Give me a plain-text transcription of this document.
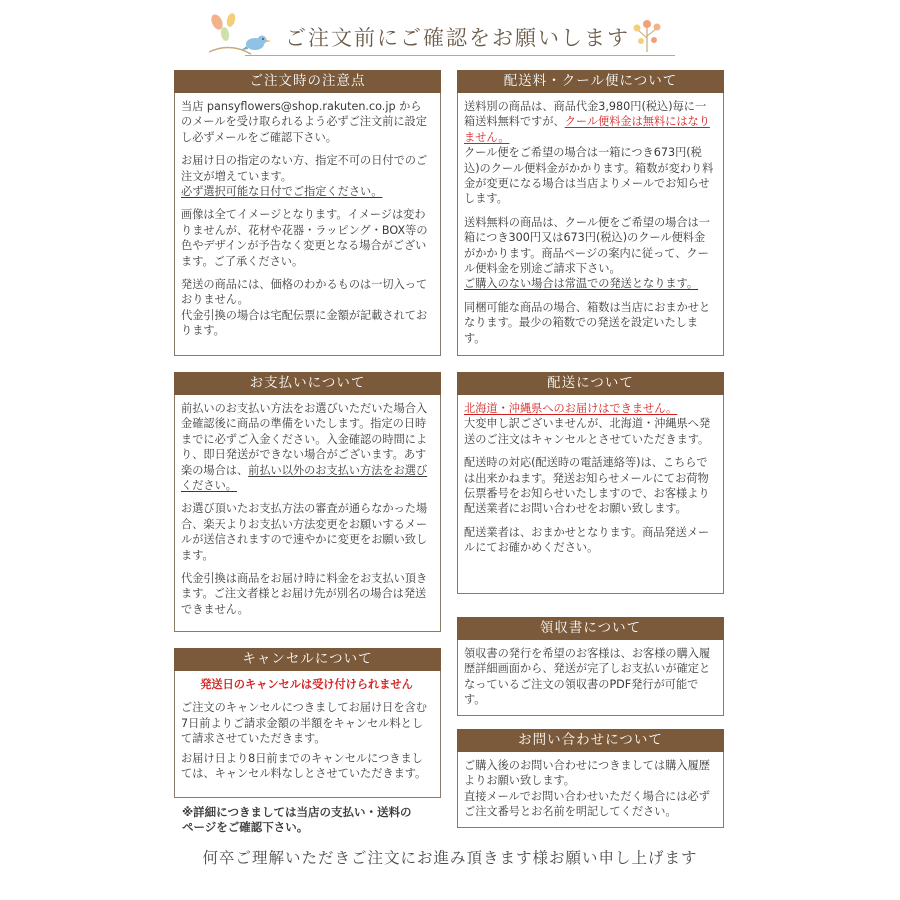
ご注文前にご確認をお願いします
ご注文時の注意点

当店 pansyflowers@shop.rakuten.co.jp からのメールを受け取られるよう必ずご注文前に設定し必ずメールをご確認下さい。

お届け日の指定のない方、指定不可の日付でのご注文が増えています。
必ず選択可能な日付でご指定ください。

画像は全てイメージとなります。イメージは変わりませんが、花材や花器・ラッピング・BOX等の色やデザインが予告なく変更となる場合がございます。ご了承ください。

発送の商品には、価格のわかるものは一切入っておりません。
代金引換の場合は宅配伝票に金額が記載されております。

配送料・クール便について

送料別の商品は、商品代金3,980円(税込)毎に一箱送料無料ですが、クール便料金は無料にはなりません。
クール便をご希望の場合は一箱につき673円(税込)のクール便料金がかかります。箱数が変わり料金が変更になる場合は当店よりメールでお知らせします。

送料無料の商品は、クール便をご希望の場合は一箱につき300円又は673円(税込)のクール便料金がかかります。商品ページの案内に従って、クール便料金を別途ご請求下さい。
ご購入のない場合は常温での発送となります。

同梱可能な商品の場合、箱数は当店におまかせとなります。最少の箱数での発送を設定いたします。

お支払いについて

前払いのお支払い方法をお選びいただいた場合入金確認後に商品の準備をいたします。指定の日時までに必ずご入金ください。入金確認の時間により、即日発送ができない場合がございます。あす楽の場合は、前払い以外のお支払い方法をお選びください。

お選び頂いたお支払方法の審査が通らなかった場合、楽天よりお支払い方法変更をお願いするメールが送信されますので速やかに変更をお願い致します。

代金引換は商品をお届け時に料金をお支払い頂きます。ご注文者様とお届け先が別名の場合は発送できません。

配送について

北海道・沖縄県へのお届けはできません。
大変申し訳ございませんが、北海道・沖縄県へ発送のご注文はキャンセルとさせていただきます。

配送時の対応(配送時の電話連絡等)は、こちらでは出来かねます。発送お知らせメールにてお荷物伝票番号をお知らせいたしますので、お客様より配送業者にお問い合わせをお願い致します。

配送業者は、おまかせとなります。商品発送メールにてお確かめください。

キャンセルについて

発送日のキャンセルは受け付けられません

ご注文のキャンセルにつきましてお届け日を含む7日前よりご請求金額の半額をキャンセル料として請求させていただきます。

お届け日より8日前までのキャンセルにつきましては、キャンセル料なしとさせていただきます。

領収書について

領収書の発行を希望のお客様は、お客様の購入履歴詳細画面から、発送が完了しお支払いが確定となっているご注文の領収書のPDF発行が可能です。

お問い合わせについて

ご購入後のお問い合わせにつきましては購入履歴よりお願い致します。
直接メールでお問い合わせいただく場合には必ずご注文番号とお名前を明記してください。

※詳細につきましては当店の支払い・送料の
ページをご確認下さい。
何卒ご理解いただきご注文にお進み頂きます様お願い申し上げます
